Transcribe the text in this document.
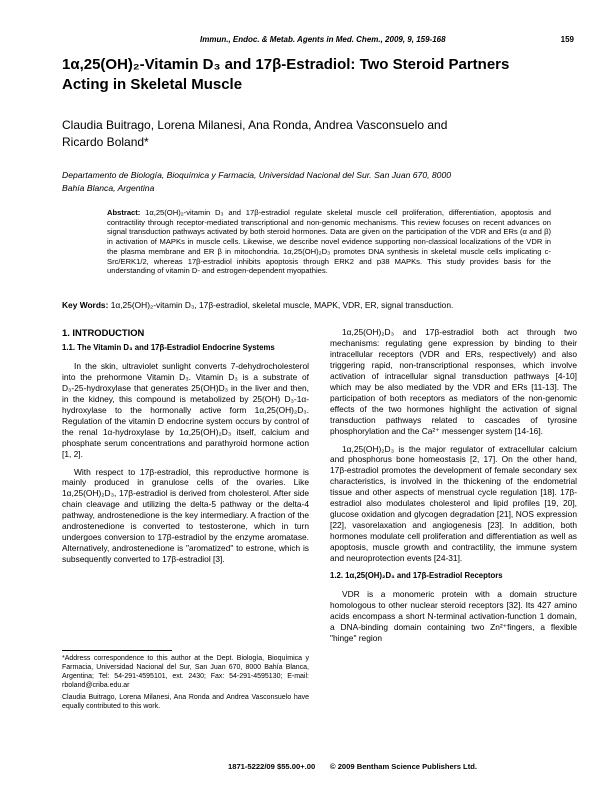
Immun., Endoc. & Metab. Agents in Med. Chem., 2009, 9, 159-168	159
1α,25(OH)₂-Vitamin D₃ and 17β-Estradiol: Two Steroid Partners
Acting in Skeletal Muscle
Claudia Buitrago, Lorena Milanesi, Ana Ronda, Andrea Vasconsuelo and
Ricardo Boland*
Departamento de Biología, Bioquímica y Farmacia, Universidad Nacional del Sur. San Juan 670, 8000
Bahía Blanca, Argentina
Abstract: 1α,25(OH)₂-vitamin D₃ and 17β-estradiol regulate skeletal muscle cell proliferation, differentiation, apoptosis and contractility through receptor-mediated transcriptional and non-genomic mechanisms. This review focuses on recent advances on signal transduction pathways activated by both steroid hormones. Data are given on the participation of the VDR and ERs (α and β) in activation of MAPKs in muscle cells. Likewise, we describe novel evidence supporting non-classical localizations of the VDR in the plasma membrane and ER β in mitochondria. 1α,25(OH)₂D₃ promotes DNA synthesis in skeletal muscle cells implicating c-Src/ERK1/2, whereas 17β-estradiol inhibits apoptosis through ERK2 and p38 MAPKs. This study provides basis for the understanding of vitamin D- and estrogen-dependent myopathies.
Key Words: 1α,25(OH)₂-vitamin D₃, 17β-estradiol, skeletal muscle, MAPK, VDR, ER, signal transduction.
1. INTRODUCTION
1.1. The Vitamin D₃ and 17β-Estradiol Endocrine Systems

In the skin, ultraviolet sunlight converts 7-dehydrocholesterol into the prehormone Vitamin D₃. Vitamin D₃ is a substrate of D₃-25-hydroxylase that generates 25(OH)D₃ in the liver and then, in the kidney, this compound is metabolized by 25(OH) D₃-1α-hydroxylase to the hormonally active form 1α,25(OH)₂D₃. Regulation of the vitamin D endocrine system occurs by control of the renal 1α-hydroxylase by 1α,25(OH)₂D₃ itself, calcium and phosphate serum concentrations and parathyroid hormone action [1, 2].

With respect to 17β-estradiol, this reproductive hormone is mainly produced in granulose cells of the ovaries. Like 1α,25(OH)₂D₃, 17β-estradiol is derived from cholesterol. After side chain cleavage and utilizing the delta-5 pathway or the delta-4 pathway, androstenedione is the key intermediary. A fraction of the androstenedione is converted to testosterone, which in turn undergoes conversion to 17β-estradiol by the enzyme aromatase. Alternatively, androstenedione is "aromatized" to estrone, which is subsequently converted to 17β-estradiol [3].

*Address correspondence to this author at the Dept. Biología, Bioquímica y Farmacia, Universidad Nacional del Sur, San Juan 670, 8000 Bahía Blanca, Argentina; Tel: 54-291-4595101, ext. 2430; Fax: 54-291-4595130; E-mail: rboland@criba.edu.ar

Claudia Buitrago, Lorena Milanesi, Ana Ronda and Andrea Vasconsuelo have equally contributed to this work.

1α,25(OH)₂D₃ and 17β-estradiol both act through two mechanisms: regulating gene expression by binding to their intracellular receptors (VDR and ERs, respectively) and also triggering rapid, non-transcriptional responses, which involve activation of intracellular signal transduction pathways [4-10] which may be also mediated by the VDR and ERs [11-13]. The participation of both receptors as mediators of the non-genomic effects of the two hormones highlight the activation of signal transduction pathways related to cascades of tyrosine phosphorylation and the Ca²⁺ messenger system [14-16].

1α,25(OH)₂D₃ is the major regulator of extracellular calcium and phosphorus bone homeostasis [2, 17]. On the other hand, 17β-estradiol promotes the development of female secondary sex characteristics, is involved in the thickening of the endometrial tissue and other aspects of menstrual cycle regulation [18]. 17β-estradiol also modulates cholesterol and lipid profiles [19, 20], glucose oxidation and glycogen degradation [21], NOS expression [22], vasorelaxation and angiogenesis [23]. In addition, both hormones modulate cell proliferation and differentiation as well as apoptosis, muscle growth and contractility, the immune system and neuroprotection events [24-31].

1.2. 1α,25(OH)₂D₃ and 17β-Estradiol Receptors

VDR is a monomeric protein with a domain structure homologous to other nuclear steroid receptors [32]. Its 427 amino acids encompass a short N-terminal activation-function 1 domain, a DNA-binding domain containing two Zn²⁺fingers, a flexible "hinge" region

1871-5222/09 $55.00+.00 © 2009 Bentham Science Publishers Ltd.
